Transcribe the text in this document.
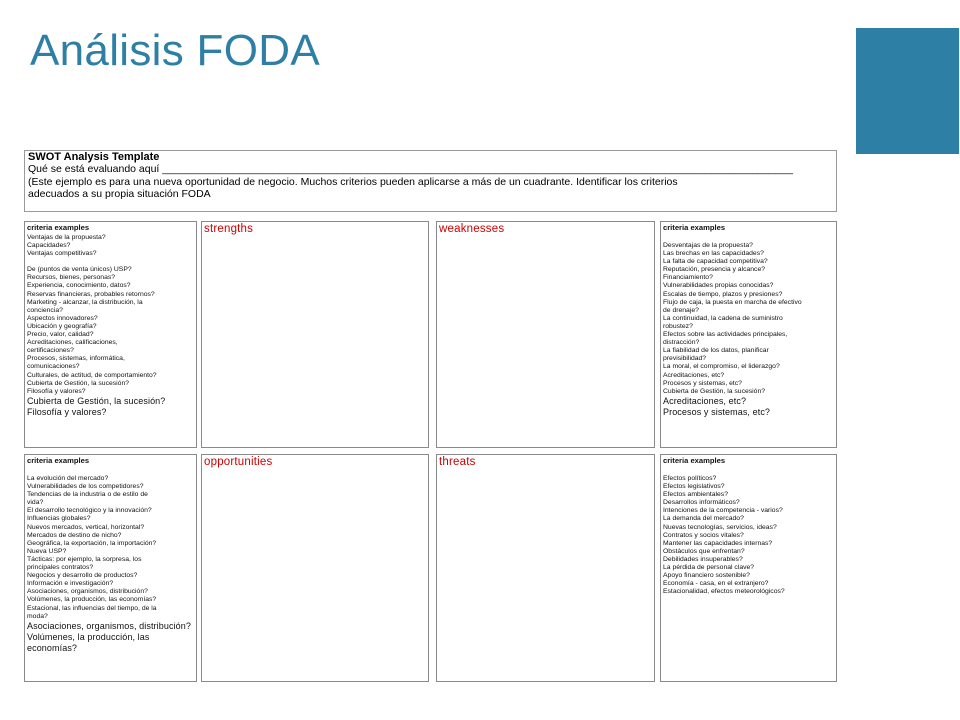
Análisis FODA
SWOT Analysis Template
Qué se está evaluando aquí ____________________________________________________________________________________________________________
(Este ejemplo es para una nueva oportunidad de negocio. Muchos criterios pueden aplicarse a más de un cuadrante. Identificar los criterios
adecuados a su propia situación FODA
criteria examples
Ventajas de la propuesta?
Capacidades?
Ventajas competitivas?
De (puntos de venta únicos) USP?
Recursos, bienes, personas?
Experiencia, conocimiento, datos?
Reservas financieras, probables retornos?
Marketing - alcanzar, la distribución, la
conciencia?
Aspectos innovadores?
Ubicación y geografía?
Precio, valor, calidad?
Acreditaciones, calificaciones,
certificaciones?
Procesos, sistemas, informática,
comunicaciones?
Culturales, de actitud, de comportamiento?
Cubierta de Gestión, la sucesión?
Filosofía y valores?
Cubierta de Gestión, la sucesión?
Filosofía y valores?
strengths	weaknesses	criteria examples
Desventajas de la propuesta?
Las brechas en las capacidades?
La falta de capacidad competitiva?
Reputación, presencia y alcance?
Financiamiento?
Vulnerabilidades propias conocidas?
Escalas de tiempo, plazos y presiones?
Flujo de caja, la puesta en marcha de efectivo
de drenaje?
La continuidad, la cadena de suministro
robustez?
Efectos sobre las actividades principales,
distracción?
La fiabilidad de los datos, planificar
previsibilidad?
La moral, el compromiso, el liderazgo?
Acreditaciones, etc?
Procesos y sistemas, etc?
Cubierta de Gestión, la sucesión?
Acreditaciones, etc?
Procesos y sistemas, etc?
criteria examples
La evolución del mercado?
Vulnerabilidades de los competidores?
Tendencias de la industria o de estilo de
vida?
El desarrollo tecnológico y la innovación?
Influencias globales?
Nuevos mercados, vertical, horizontal?
Mercados de destino de nicho?
Geográfica, la exportación, la importación?
Nueva USP?
Tácticas: por ejemplo, la sorpresa, los
principales contratos?
Negocios y desarrollo de productos?
Información e investigación?
Asociaciones, organismos, distribución?
Volúmenes, la producción, las economías?
Estacional, las influencias del tiempo, de la
moda?
Asociaciones, organismos, distribución?
Volúmenes, la producción, las
economías?
opportunities	threats	criteria examples
Efectos políticos?
Efectos legislativos?
Efectos ambientales?
Desarrollos informáticos?
Intenciones de la competencia - varios?
La demanda del mercado?
Nuevas tecnologías, servicios, ideas?
Contratos y socios vitales?
Mantener las capacidades internas?
Obstáculos que enfrentan?
Debilidades insuperables?
La pérdida de personal clave?
Apoyo financiero sostenible?
Economía - casa, en el extranjero?
Estacionalidad, efectos meteorológicos?
